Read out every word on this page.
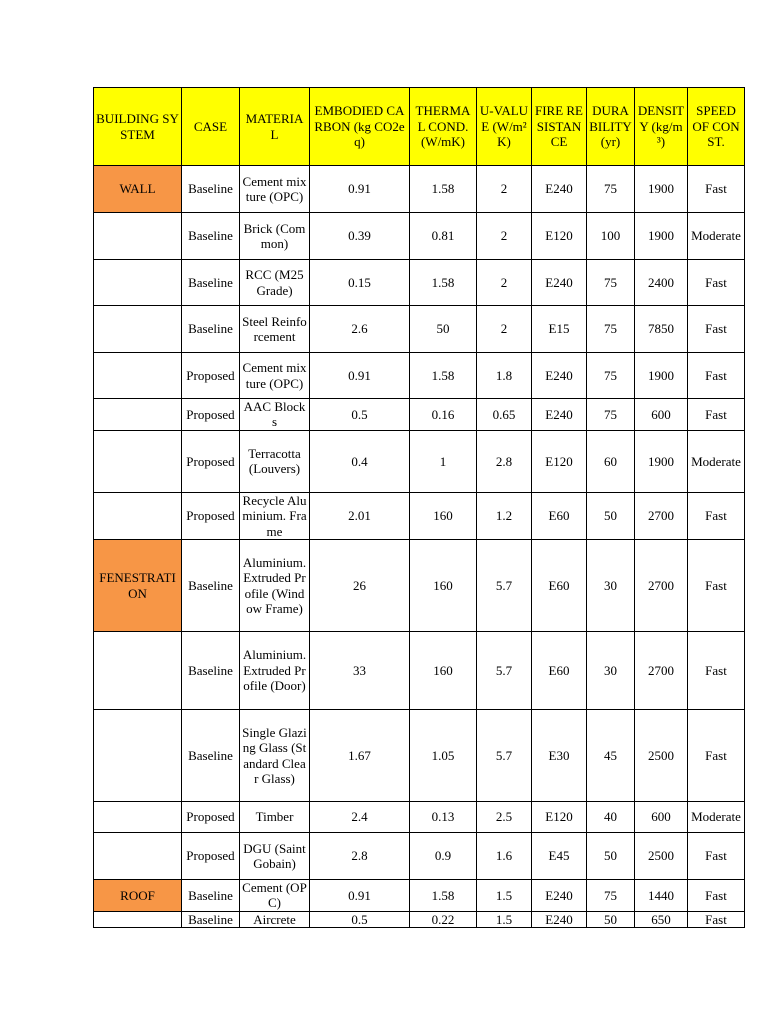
BUILDING SYSTEM	CASE	MATERIAL	EMBODIED CARBON (kg CO2eq)	THERMAL COND. (W/mK)	U-VALUE (W/m² K)	FIRE RESISTANCE	DURABILITY (yr)	DENSITY (kg/m³)	SPEED OF CONST.
WALL	Baseline	Cement mixture (OPC)	0.91	1.58	2	E240	75	1900	Fast
	Baseline	Brick (Common)	0.39	0.81	2	E120	100	1900	Moderate
	Baseline	RCC (M25 Grade)	0.15	1.58	2	E240	75	2400	Fast
	Baseline	Steel Reinforcement	2.6	50	2	E15	75	7850	Fast
	Proposed	Cement mixture (OPC)	0.91	1.58	1.8	E240	75	1900	Fast
	Proposed	AAC Blocks	0.5	0.16	0.65	E240	75	600	Fast
	Proposed	Terracotta (Louvers)	0.4	1	2.8	E120	60	1900	Moderate
	Proposed	Recycle Aluminium. Frame	2.01	160	1.2	E60	50	2700	Fast
FENESTRATION	Baseline	Aluminium.Extruded Profile (Window Frame)	26	160	5.7	E60	30	2700	Fast
	Baseline	Aluminium.Extruded Profile (Door)	33	160	5.7	E60	30	2700	Fast
	Baseline	Single Glazing Glass (Standard Clear Glass)	1.67	1.05	5.7	E30	45	2500	Fast
	Proposed	Timber	2.4	0.13	2.5	E120	40	600	Moderate
	Proposed	DGU (Saint Gobain)	2.8	0.9	1.6	E45	50	2500	Fast
ROOF	Baseline	Cement (OPC)	0.91	1.58	1.5	E240	75	1440	Fast
	Baseline	Aircrete	0.5	0.22	1.5	E240	50	650	Fast
